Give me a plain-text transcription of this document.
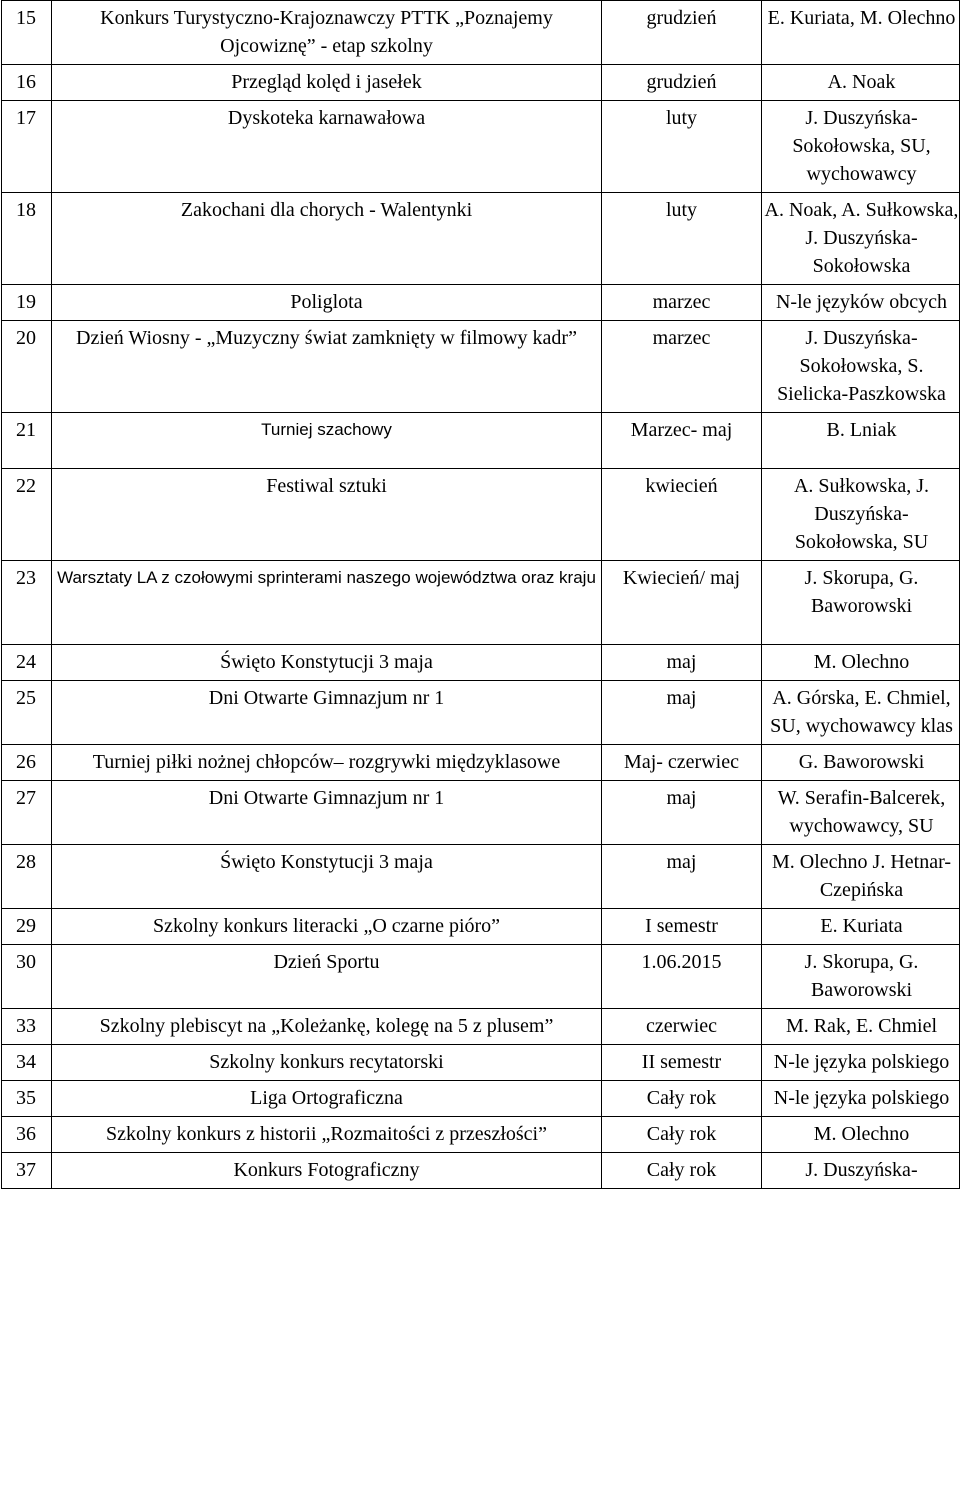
15	Konkurs Turystyczno-Krajoznawczy PTTK „Poznajemy Ojcowiznę” - etap szkolny	grudzień	E. Kuriata, M. Olechno
16	Przegląd kolęd i jasełek	grudzień	A. Noak
17	Dyskoteka karnawałowa	luty	J. Duszyńska-Sokołowska, SU, wychowawcy
18	Zakochani dla chorych - Walentynki	luty	A. Noak, A. Sułkowska, J. Duszyńska-Sokołowska
19	Poliglota	marzec	N-le języków obcych
20	Dzień Wiosny - „Muzyczny świat zamknięty w filmowy kadr”	marzec	J. Duszyńska-Sokołowska, S. Sielicka-Paszkowska
21	Turniej szachowy	Marzec- maj	B. Lniak
22	Festiwal sztuki	kwiecień	A. Sułkowska, J. Duszyńska-Sokołowska, SU
23	Warsztaty LA z czołowymi sprinterami naszego województwa oraz kraju	Kwiecień/ maj	J. Skorupa, G. Baworowski
24	Święto Konstytucji 3 maja	maj	M. Olechno
25	Dni Otwarte Gimnazjum nr 1	maj	A. Górska, E. Chmiel, SU, wychowawcy klas
26	Turniej piłki nożnej chłopców– rozgrywki międzyklasowe	Maj- czerwiec	G. Baworowski
27	Dni Otwarte Gimnazjum nr 1	maj	W. Serafin-Balcerek, wychowawcy, SU
28	Święto Konstytucji 3 maja	maj	M. Olechno J. Hetnar-Czepińska
29	Szkolny konkurs literacki „O czarne pióro”	I semestr	E. Kuriata
30	Dzień Sportu	1.06.2015	J. Skorupa, G. Baworowski
33	Szkolny plebiscyt na „Koleżankę, kolegę na 5 z plusem”	czerwiec	M. Rak, E. Chmiel
34	Szkolny konkurs recytatorski	II semestr	N-le języka polskiego
35	Liga Ortograficzna	Cały rok	N-le języka polskiego
36	Szkolny konkurs z historii „Rozmaitości z przeszłości”	Cały rok	M. Olechno
37	Konkurs Fotograficzny	Cały rok	J. Duszyńska-
